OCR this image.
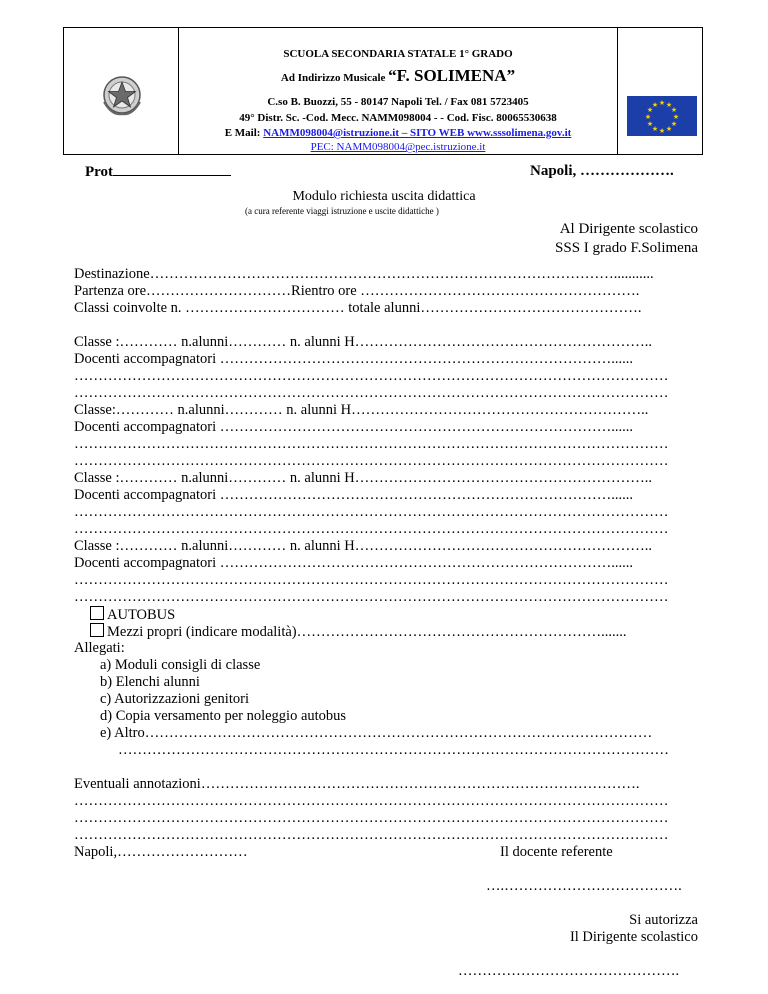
SCUOLA SECONDARIA STATALE 1° GRADO
Ad Indirizzo Musicale “F. SOLIMENA”
C.so B. Buozzi, 55 - 80147 Napoli Tel. / Fax 081 5723405
49° Distr. Sc. -Cod. Mecc. NAMM098004 - - Cod. Fisc. 80065530638
E Mail: NAMM098004@istruzione.it – SITO WEB www.sssolimena.gov.it
PEC: NAMM098004@pec.istruzione.it
★ ★
★
★
★
★
★
★
★
★
★
★
Prot	Napoli, ……………….
Modulo richiesta uscita didattica
(a cura referente viaggi istruzione e uscite didattiche )
Al Dirigente scolastico
SSS I grado F.Solimena
Destinazione……………………………………………………………………………………...........
Partenza ore…………………………Rientro ore ………………………………………………….
Classi coinvolte n. …………………………… totale alunni……………………………………….
Classe :………… n.alunni………… n. alunni H……………………………………………………..
Docenti accompagnatori ………………………………………………………………………......
……………………………………………………………………………………………………………
……………………………………………………………………………………………………………
Classe:………… n.alunni………… n. alunni H……………………………………………………..
Docenti accompagnatori ………………………………………………………………………......
……………………………………………………………………………………………………………
……………………………………………………………………………………………………………
Classe :………… n.alunni………… n. alunni H……………………………………………………..
Docenti accompagnatori ………………………………………………………………………......
……………………………………………………………………………………………………………
……………………………………………………………………………………………………………
Classe :………… n.alunni………… n. alunni H……………………………………………………..
Docenti accompagnatori ………………………………………………………………………......
……………………………………………………………………………………………………………
……………………………………………………………………………………………………………
AUTOBUS
Mezzi propri (indicare modalità)……………………………………………………….......
Allegati:
a) Moduli consigli di classe
b) Elenchi alunni
c) Autorizzazioni genitori
d) Copia versamento per noleggio autobus
e) Altro……………………………………………………………………………………………
……………………………………………………………………………………………………
Eventuali annotazioni……………………………………………………………………………….
……………………………………………………………………………………………………………
……………………………………………………………………………………………………………
……………………………………………………………………………………………………………
Napoli,………………………	Il docente referente
….……………………………….
Si autorizza
Il Dirigente scolastico
……………………………………….
